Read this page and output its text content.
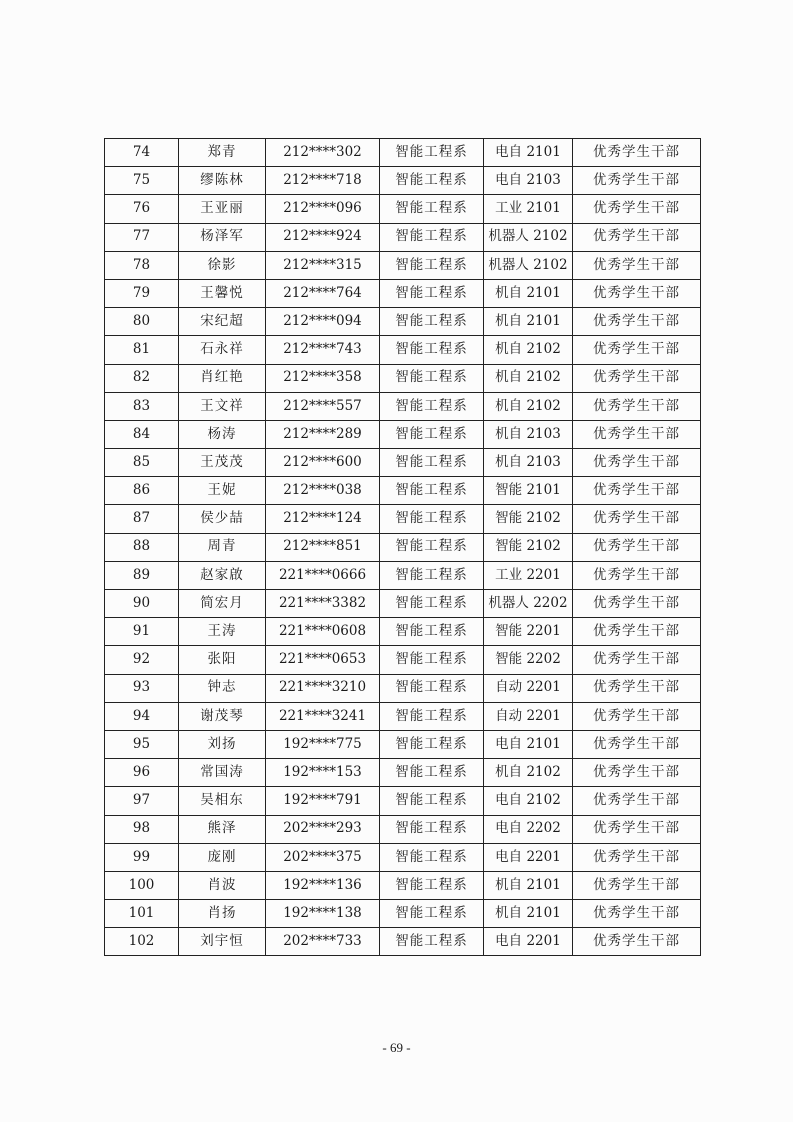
74	郑青	212****302	智能工程系	电自 2101	优秀学生干部
75	缪陈林	212****718	智能工程系	电自 2103	优秀学生干部
76	王亚丽	212****096	智能工程系	工业 2101	优秀学生干部
77	杨泽军	212****924	智能工程系	机器人 2102	优秀学生干部
78	徐影	212****315	智能工程系	机器人 2102	优秀学生干部
79	王馨悦	212****764	智能工程系	机自 2101	优秀学生干部
80	宋纪超	212****094	智能工程系	机自 2101	优秀学生干部
81	石永祥	212****743	智能工程系	机自 2102	优秀学生干部
82	肖红艳	212****358	智能工程系	机自 2102	优秀学生干部
83	王文祥	212****557	智能工程系	机自 2102	优秀学生干部
84	杨涛	212****289	智能工程系	机自 2103	优秀学生干部
85	王茂茂	212****600	智能工程系	机自 2103	优秀学生干部
86	王妮	212****038	智能工程系	智能 2101	优秀学生干部
87	侯少喆	212****124	智能工程系	智能 2102	优秀学生干部
88	周青	212****851	智能工程系	智能 2102	优秀学生干部
89	赵家啟	221****0666	智能工程系	工业 2201	优秀学生干部
90	简宏月	221****3382	智能工程系	机器人 2202	优秀学生干部
91	王涛	221****0608	智能工程系	智能 2201	优秀学生干部
92	张阳	221****0653	智能工程系	智能 2202	优秀学生干部
93	钟志	221****3210	智能工程系	自动 2201	优秀学生干部
94	谢茂琴	221****3241	智能工程系	自动 2201	优秀学生干部
95	刘扬	192****775	智能工程系	电自 2101	优秀学生干部
96	常国涛	192****153	智能工程系	机自 2102	优秀学生干部
97	吴相东	192****791	智能工程系	电自 2102	优秀学生干部
98	熊泽	202****293	智能工程系	电自 2202	优秀学生干部
99	庞刚	202****375	智能工程系	电自 2201	优秀学生干部
100	肖波	192****136	智能工程系	机自 2101	优秀学生干部
101	肖扬	192****138	智能工程系	机自 2101	优秀学生干部
102	刘宇恒	202****733	智能工程系	电自 2201	优秀学生干部
- 69 -
